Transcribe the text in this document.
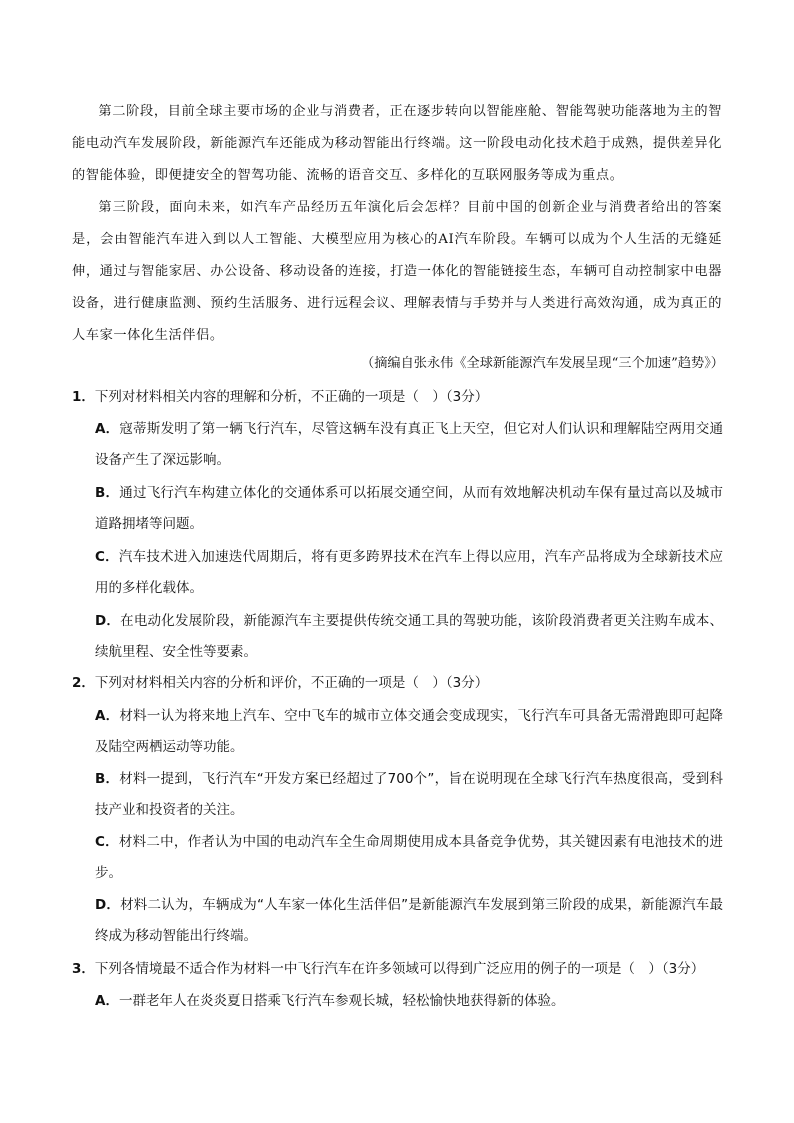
第二阶段，目前全球主要市场的企业与消费者，正在逐步转向以智能座舱、智能驾驶功能落地为主的智能电动汽车发展阶段，新能源汽车还能成为移动智能出行终端。这一阶段电动化技术趋于成熟，提供差异化的智能体验，即便捷安全的智驾功能、流畅的语音交互、多样化的互联网服务等成为重点。
第三阶段，面向未来，如汽车产品经历五年演化后会怎样？目前中国的创新企业与消费者给出的答案是，会由智能汽车进入到以人工智能、大模型应用为核心的AI汽车阶段。车辆可以成为个人生活的无缝延伸，通过与智能家居、办公设备、移动设备的连接，打造一体化的智能链接生态，车辆可自动控制家中电器设备，进行健康监测、预约生活服务、进行远程会议、理解表情与手势并与人类进行高效沟通，成为真正的人车家一体化生活伴侣。
（摘编自张永伟《全球新能源汽车发展呈现“三个加速”趋势》）
1．下列对材料相关内容的理解和分析，不正确的一项是（　）（3分）
A．寇蒂斯发明了第一辆飞行汽车，尽管这辆车没有真正飞上天空，但它对人们认识和理解陆空两用交通设备产生了深远影响。
B．通过飞行汽车构建立体化的交通体系可以拓展交通空间，从而有效地解决机动车保有量过高以及城市道路拥堵等问题。
C．汽车技术进入加速迭代周期后，将有更多跨界技术在汽车上得以应用，汽车产品将成为全球新技术应用的多样化载体。
D．在电动化发展阶段，新能源汽车主要提供传统交通工具的驾驶功能，该阶段消费者更关注购车成本、续航里程、安全性等要素。
2．下列对材料相关内容的分析和评价，不正确的一项是（　）（3分）
A．材料一认为将来地上汽车、空中飞车的城市立体交通会变成现实，飞行汽车可具备无需滑跑即可起降及陆空两栖运动等功能。
B．材料一提到，飞行汽车“开发方案已经超过了700个”，旨在说明现在全球飞行汽车热度很高，受到科技产业和投资者的关注。
C．材料二中，作者认为中国的电动汽车全生命周期使用成本具备竞争优势，其关键因素有电池技术的进步。
D．材料二认为，车辆成为“人车家一体化生活伴侣”是新能源汽车发展到第三阶段的成果，新能源汽车最终成为移动智能出行终端。
3．下列各情境最不适合作为材料一中飞行汽车在许多领域可以得到广泛应用的例子的一项是（　）（3分）
A．一群老年人在炎炎夏日搭乘飞行汽车参观长城，轻松愉快地获得新的体验。
